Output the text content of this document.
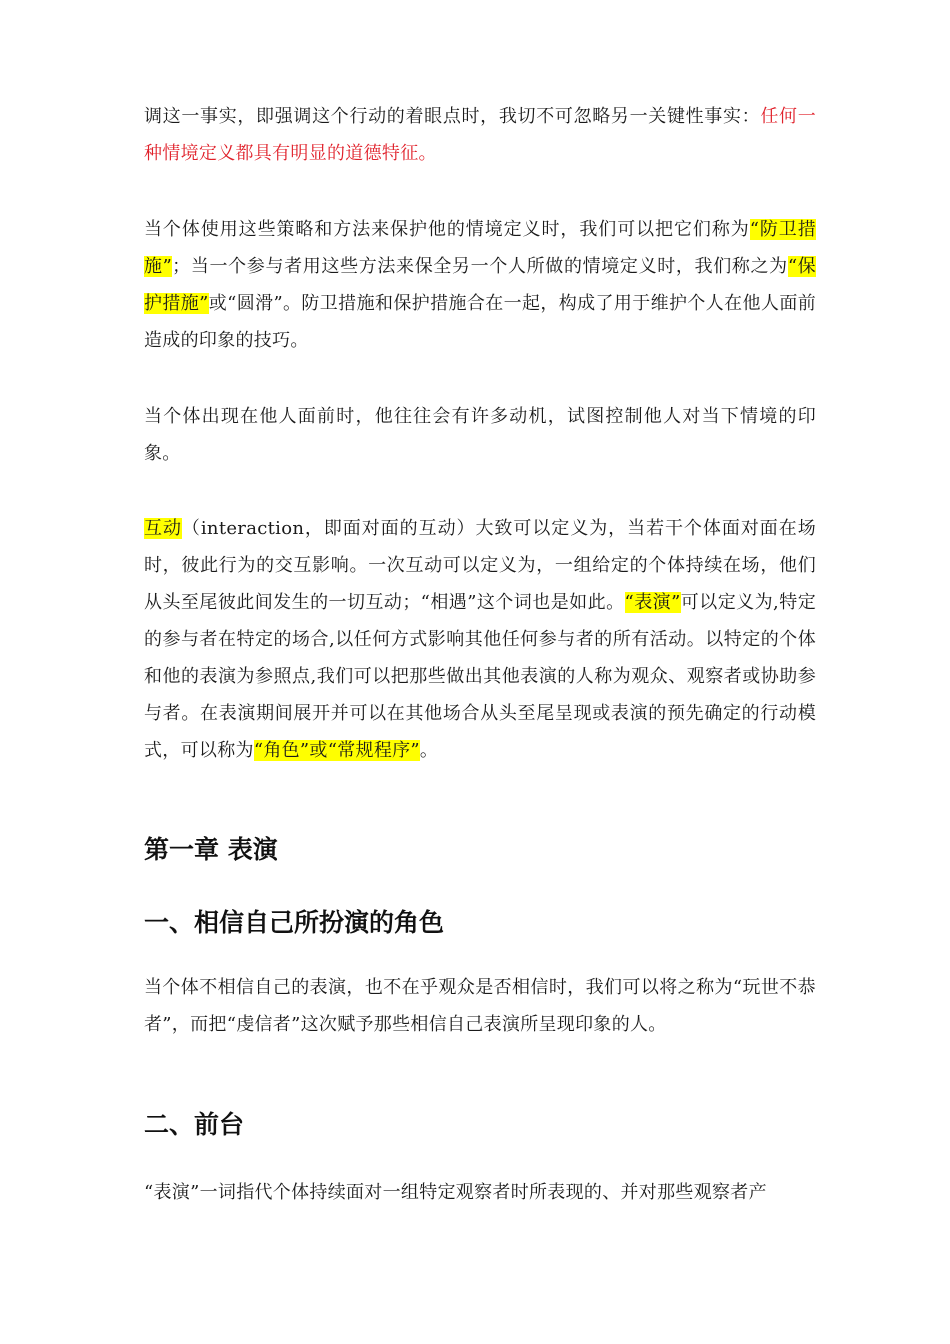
调这一事实，即强调这个行动的着眼点时，我切不可忽略另一关键性事实：任何一种情境定义都具有明显的道德特征。

当个体使用这些策略和方法来保护他的情境定义时，我们可以把它们称为“防卫措施”；当一个参与者用这些方法来保全另一个人所做的情境定义时，我们称之为“保护措施”或“圆滑”。防卫措施和保护措施合在一起，构成了用于维护个人在他人面前造成的印象的技巧。

当个体出现在他人面前时，他往往会有许多动机，试图控制他人对当下情境的印象。

互动（interaction，即面对面的互动）大致可以定义为，当若干个体面对面在场时，彼此行为的交互影响。一次互动可以定义为，一组给定的个体持续在场，他们从头至尾彼此间发生的一切互动；“相遇”这个词也是如此。“表演”可以定义为,特定的参与者在特定的场合,以任何方式影响其他任何参与者的所有活动。以特定的个体和他的表演为参照点,我们可以把那些做出其他表演的人称为观众、观察者或协助参与者。在表演期间展开并可以在其他场合从头至尾呈现或表演的预先确定的行动模式，可以称为“角色”或“常规程序”。

第一章 表演
一、相信自己所扮演的角色

当个体不相信自己的表演，也不在乎观众是否相信时，我们可以将之称为“玩世不恭者”，而把“虔信者”这次赋予那些相信自己表演所呈现印象的人。

二、前台

“表演”一词指代个体持续面对一组特定观察者时所表现的、并对那些观察者产
